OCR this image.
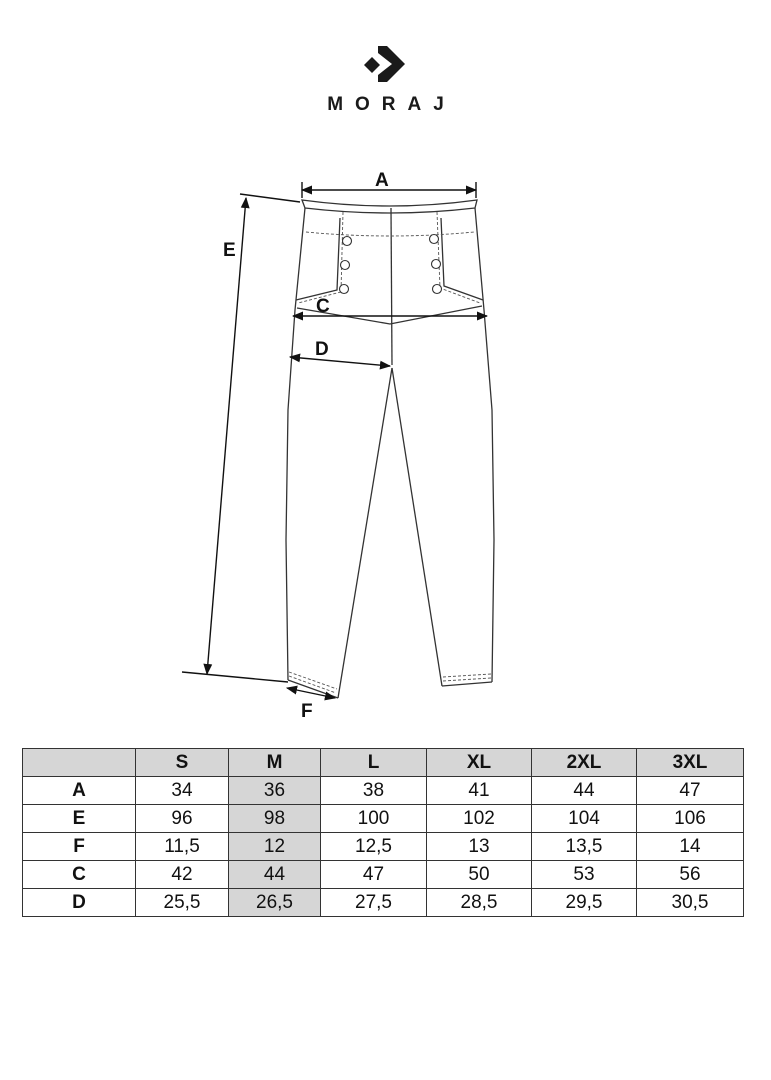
MORAJ
A
E
C
D
F
	S	M	L	XL	2XL	3XL
A	34	36	38	41	44	47
E	96	98	100	102	104	106
F	11,5	12	12,5	13	13,5	14
C	42	44	47	50	53	56
D	25,5	26,5	27,5	28,5	29,5	30,5
